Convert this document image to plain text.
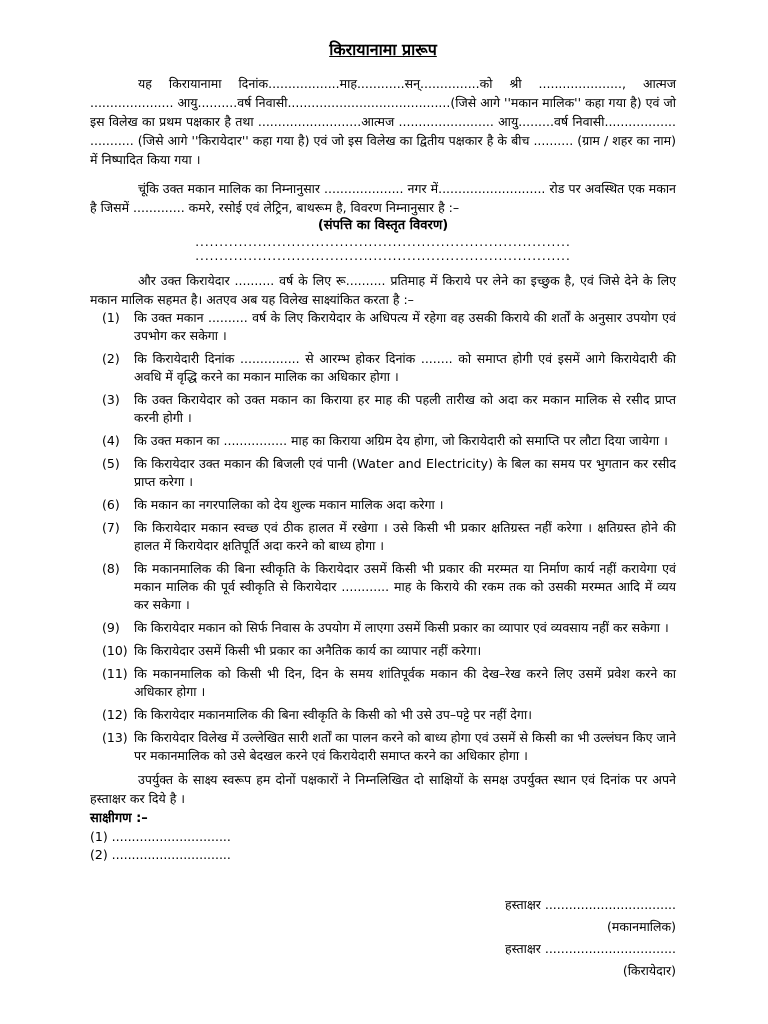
किरायानामा प्रारूप

यह किरायानामा दिनांक..................माह............सन्...............को श्री ....................., आत्मज ..................... आयु..........वर्ष निवासी.........................................(जिसे आगे ''मकान मालिक'' कहा गया है) एवं जो इस विलेख का प्रथम पक्षकार है तथा ..........................आत्मज ........................ आयु.........वर्ष निवासी.................. ........... (जिसे आगे ''किरायेदार'' कहा गया है) एवं जो इस विलेख का द्वितीय पक्षकार है के बीच .......... (ग्राम / शहर का नाम) में निष्पादित किया गया ।

चूंकि उक्त मकान मालिक का निम्नानुसार .................... नगर में........................... रोड पर अवस्थित एक मकान है जिसमें ............. कमरे, रसोई एवं लेट्रिन, बाथरूम है, विवरण निम्नानुसार है :–

(संपत्ति का विस्तृत विवरण)
..............................................................................
..............................................................................

और उक्त किरायेदार .......... वर्ष के लिए रू.......... प्रतिमाह में किराये पर लेने का इच्छुक है, एवं जिसे देने के लिए मकान मालिक सहमत है। अतएव अब यह विलेख साक्ष्यांकित करता है :–

(1)	कि उक्त मकान .......... वर्ष के लिए किरायेदार के अधिपत्य में रहेगा वह उसकी किराये की शर्तों के अनुसार उपयोग एवं उपभोग कर सकेगा ।
(2)	कि किरायेदारी दिनांक ............... से आरम्भ होकर दिनांक ........ को समाप्त होगी एवं इसमें आगे किरायेदारी की अवधि में वृद्धि करने का मकान मालिक का अधिकार होगा ।
(3)	कि उक्त किरायेदार को उक्त मकान का किराया हर माह की पहली तारीख को अदा कर मकान मालिक से रसीद प्राप्त करनी होगी ।
(4)	कि उक्त मकान का ................ माह का किराया अग्रिम देय होगा, जो किरायेदारी को समाप्ति पर लौटा दिया जायेगा ।
(5)	कि किरायेदार उक्त मकान की बिजली एवं पानी (Water and Electricity) के बिल का समय पर भुगतान कर रसीद प्राप्त करेगा ।
(6)	कि मकान का नगरपालिका को देय शुल्क मकान मालिक अदा करेगा ।
(7)	कि किरायेदार मकान स्वच्छ एवं ठीक हालत में रखेगा । उसे किसी भी प्रकार क्षतिग्रस्त नहीं करेगा । क्षतिग्रस्त होने की हालत में किरायेदार क्षतिपूर्ति अदा करने को बाध्य होगा ।
(8)	कि मकानमालिक की बिना स्वीकृति के किरायेदार उसमें किसी भी प्रकार की मरम्मत या निर्माण कार्य नहीं करायेगा एवं मकान मालिक की पूर्व स्वीकृति से किरायेदार ............ माह के किराये की रकम तक को उसकी मरम्मत आदि में व्यय कर सकेगा ।
(9)	कि किरायेदार मकान को सिर्फ निवास के उपयोग में लाएगा उसमें किसी प्रकार का व्यापार एवं व्यवसाय नहीं कर सकेगा ।
(10) कि किरायेदार उसमें किसी भी प्रकार का अनैतिक कार्य का व्यापार नहीं करेगा।
(11) कि मकानमालिक को किसी भी दिन, दिन के समय शांतिपूर्वक मकान की देख–रेख करने लिए उसमें प्रवेश करने का अधिकार होगा ।
(12) कि किरायेदार मकानमालिक की बिना स्वीकृति के किसी को भी उसे उप–पट्टे पर नहीं देगा।
(13) कि किरायेदार विलेख में उल्लेखित सारी शर्तों का पालन करने को बाध्य होगा एवं उसमें से किसी का भी उल्लंघन किए जाने पर मकानमालिक को उसे बेदखल करने एवं किरायेदारी समाप्त करने का अधिकार होगा ।

उपर्युक्त के साक्ष्य स्वरूप हम दोनों पक्षकारों ने निम्नलिखित दो साक्षियों के समक्ष उपर्युक्त स्थान एवं दिनांक पर अपने हस्ताक्षर कर दिये है ।

साक्षीगण :–
(1) ..............................
(2) ..............................
हस्ताक्षर .................................
(मकानमालिक)
हस्ताक्षर .................................
(किरायेदार)
